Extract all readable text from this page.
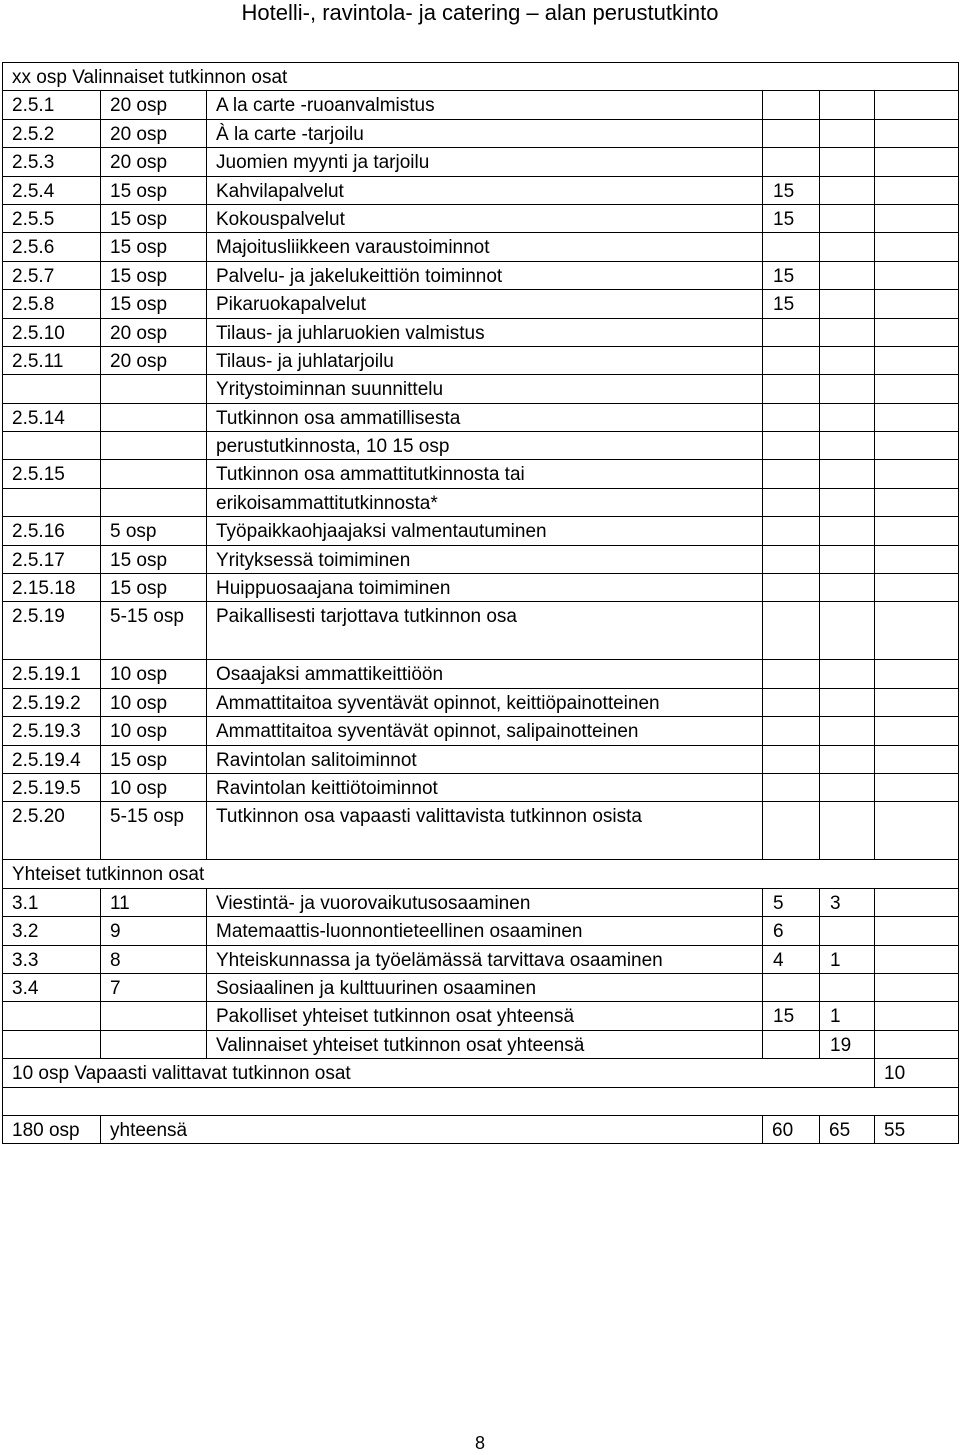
Hotelli-, ravintola- ja catering – alan perustutkinto
xx osp Valinnaiset tutkinnon osat					
2.5.1	20 osp	A la carte -ruoanvalmistus			
2.5.2	20 osp	À la carte -tarjoilu			
2.5.3	20 osp	Juomien myynti ja tarjoilu			
2.5.4	15 osp	Kahvilapalvelut	15		
2.5.5	15 osp	Kokouspalvelut	15		
2.5.6	15 osp	Majoitusliikkeen varaustoiminnot			
2.5.7	15 osp	Palvelu- ja jakelukeittiön toiminnot	15		
2.5.8	15 osp	Pikaruokapalvelut	15		
2.5.10	20 osp	Tilaus- ja juhlaruokien valmistus			
2.5.11	20 osp	Tilaus- ja juhlatarjoilu			
		Yritystoiminnan suunnittelu			
2.5.14		Tutkinnon osa ammatillisesta			
		perustutkinnosta, 10 15 osp			
2.5.15		Tutkinnon osa ammattitutkinnosta tai			
		erikoisammattitutkinnosta*			
2.5.16	5 osp	Työpaikkaohjaajaksi valmentautuminen			
2.5.17	15 osp	Yrityksessä toimiminen			
2.15.18	15 osp	Huippuosaajana toimiminen			
2.5.19	5-15 osp	Paikallisesti tarjottava tutkinnon osa			
2.5.19.1	10 osp	Osaajaksi ammattikeittiöön			
2.5.19.2	10 osp	Ammattitaitoa syventävät opinnot, keittiöpainotteinen			
2.5.19.3	10 osp	Ammattitaitoa syventävät opinnot, salipainotteinen			
2.5.19.4	15 osp	Ravintolan salitoiminnot			
2.5.19.5	10 osp	Ravintolan keittiötoiminnot			
2.5.20	5-15 osp	Tutkinnon osa vapaasti valittavista tutkinnon osista			
Yhteiset tutkinnon osat					
3.1	11	Viestintä- ja vuorovaikutusosaaminen	5	3	
3.2	9	Matemaattis-luonnontieteellinen osaaminen	6		
3.3	8	Yhteiskunnassa ja työelämässä tarvittava osaaminen	4	1	
3.4	7	Sosiaalinen ja kulttuurinen osaaminen			
		Pakolliset yhteiset tutkinnon osat yhteensä	15	1	
		Valinnaiset yhteiset tutkinnon osat yhteensä		19	
10 osp Vapaasti valittavat tutkinnon osat					10

180 osp	yhteensä		60	65	55
8
